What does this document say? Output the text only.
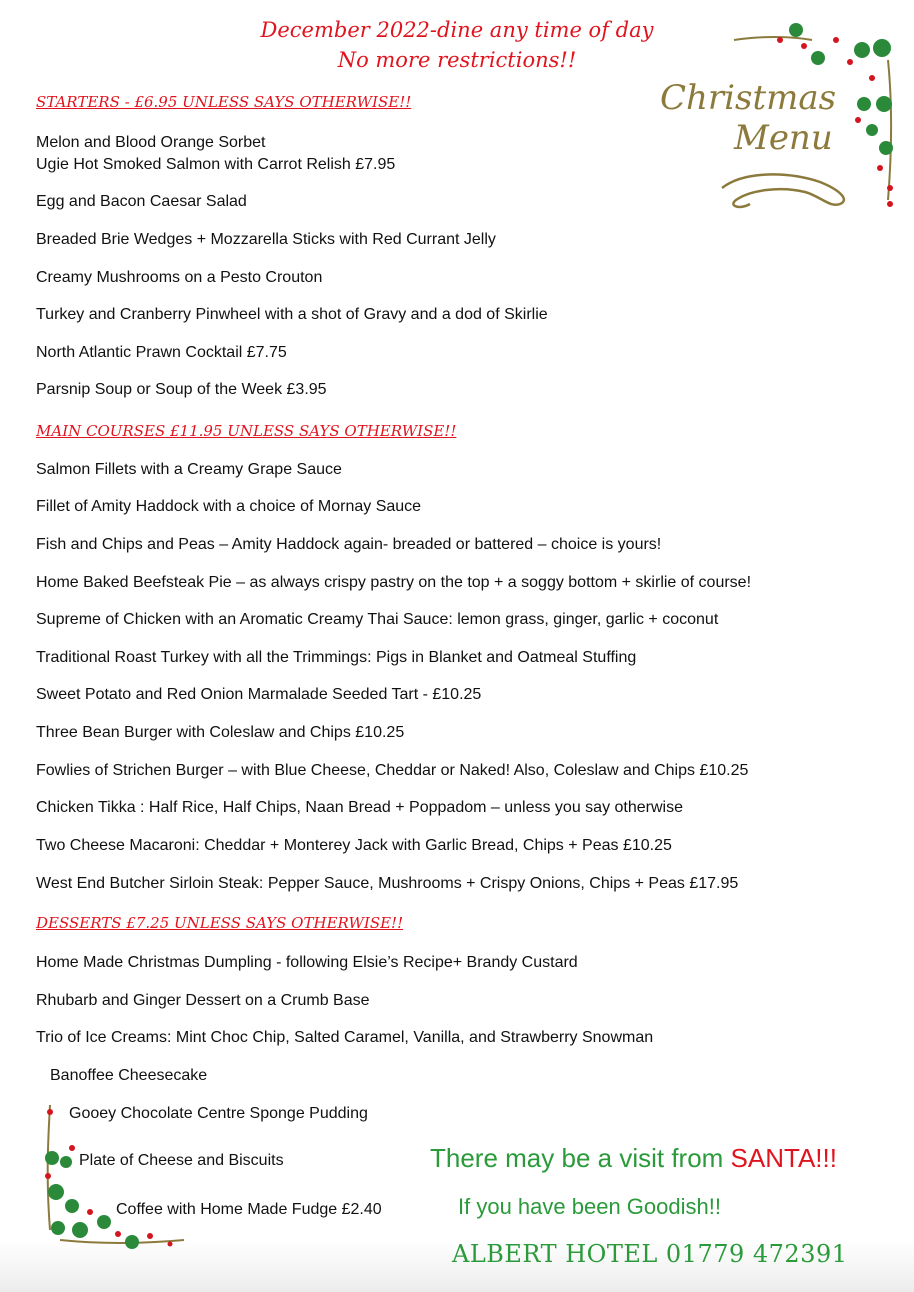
December 2022-dine any time of day
No more restrictions!!
Christmas
Menu
STARTERS - £6.95 UNLESS SAYS OTHERWISE!!
Melon and Blood Orange Sorbet
Ugie Hot Smoked Salmon with Carrot Relish £7.95
Egg and Bacon Caesar Salad
Breaded Brie Wedges + Mozzarella Sticks with Red Currant Jelly
Creamy Mushrooms on a Pesto Crouton
Turkey and Cranberry Pinwheel with a shot of Gravy and a dod of Skirlie
North Atlantic Prawn Cocktail £7.75
Parsnip Soup or Soup of the Week £3.95
MAIN COURSES £11.95 UNLESS SAYS OTHERWISE!!
Salmon Fillets with a Creamy Grape Sauce
Fillet of Amity Haddock with a choice of Mornay Sauce
Fish and Chips and Peas – Amity Haddock again- breaded or battered – choice is yours!
Home Baked Beefsteak Pie – as always crispy pastry on the top + a soggy bottom + skirlie of course!
Supreme of Chicken with an Aromatic Creamy Thai Sauce: lemon grass, ginger, garlic + coconut
Traditional Roast Turkey with all the Trimmings: Pigs in Blanket and Oatmeal Stuffing
Sweet Potato and Red Onion Marmalade Seeded Tart - £10.25
Three Bean Burger with Coleslaw and Chips £10.25
Fowlies of Strichen Burger – with Blue Cheese, Cheddar or Naked! Also, Coleslaw and Chips £10.25
Chicken Tikka : Half Rice, Half Chips, Naan Bread + Poppadom – unless you say otherwise
Two Cheese Macaroni: Cheddar + Monterey Jack with Garlic Bread, Chips + Peas £10.25
West End Butcher Sirloin Steak: Pepper Sauce, Mushrooms + Crispy Onions, Chips + Peas £17.95
DESSERTS £7.25 UNLESS SAYS OTHERWISE!!
Home Made Christmas Dumpling - following Elsie’s Recipe+ Brandy Custard
Rhubarb and Ginger Dessert on a Crumb Base
Trio of Ice Creams: Mint Choc Chip, Salted Caramel, Vanilla, and Strawberry Snowman
Banoffee Cheesecake
Gooey Chocolate Centre Sponge Pudding
Plate of Cheese and Biscuits
Coffee with Home Made Fudge £2.40
There may be a visit from SANTA!!!
If you have been Goodish!!
ALBERT HOTEL 01779 472391
